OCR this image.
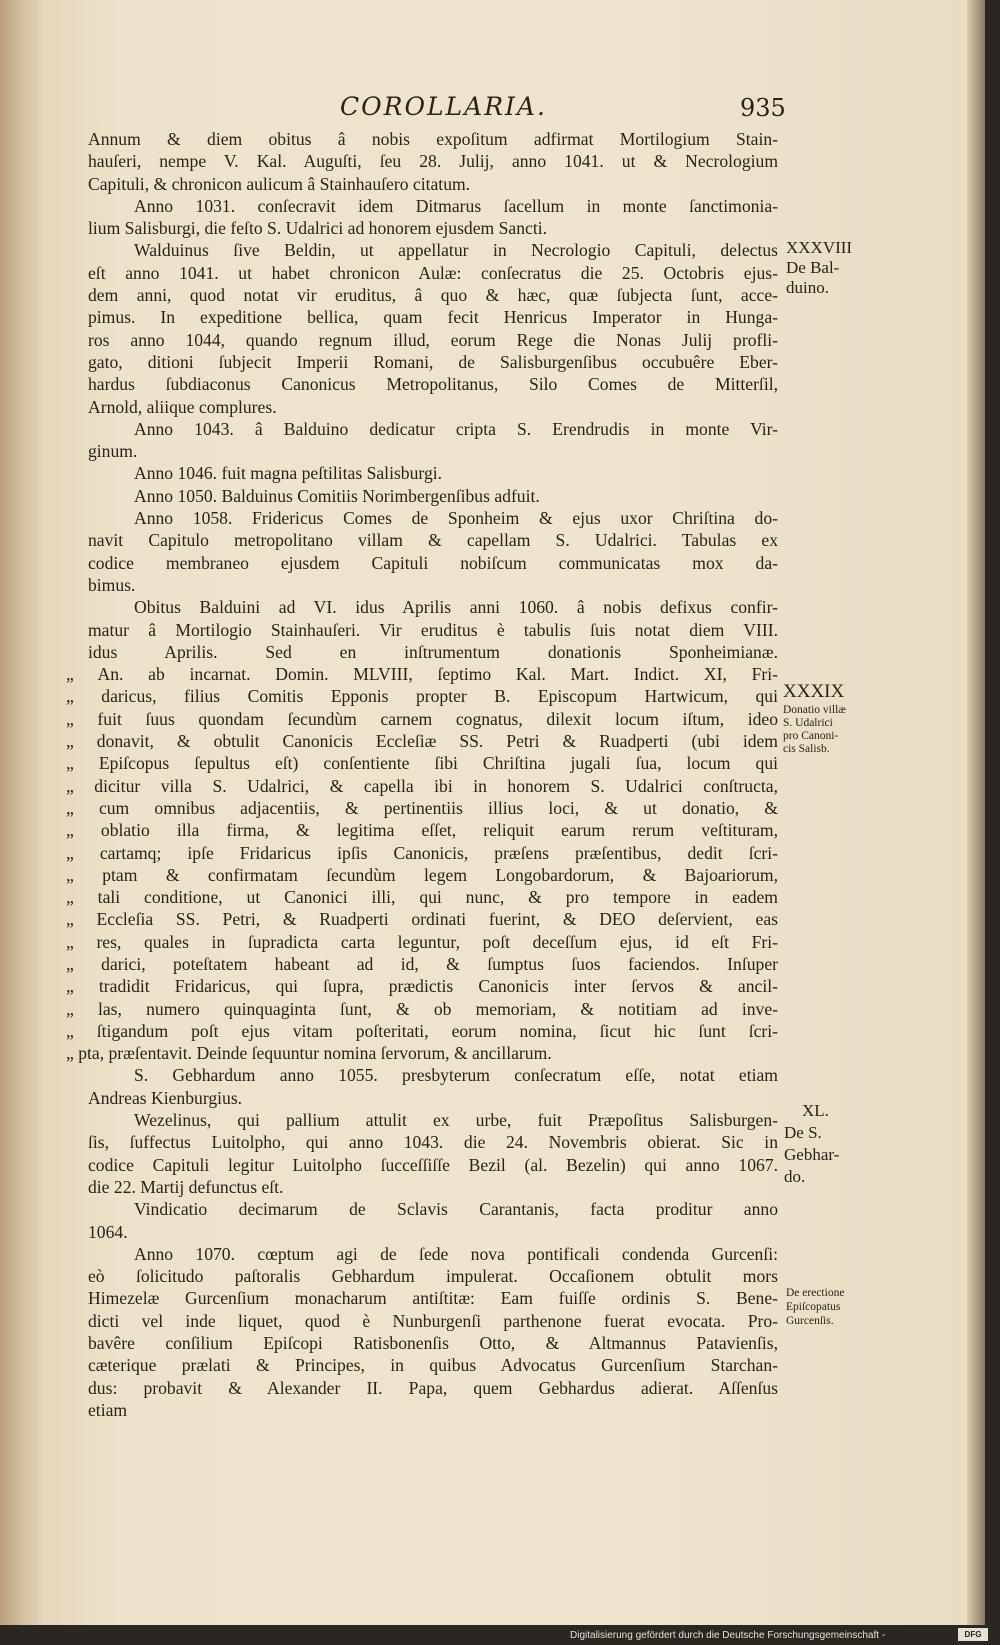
COROLLARIA.	935
Annum & diem obitus â nobis expoſitum adfirmat Mortilogium Stain-
hauſeri, nempe V. Kal. Auguſti, ſeu 28. Julij, anno 1041. ut & Necrologium
Capituli, & chronicon aulicum â Stainhauſero citatum.
Anno 1031. conſecravit idem Ditmarus ſacellum in monte ſanctimonia-
lium Salisburgi, die feſto S. Udalrici ad honorem ejusdem Sancti.
Walduinus ſive Beldin, ut appellatur in Necrologio Capituli, delectus
eſt anno 1041. ut habet chronicon Aulæ: conſecratus die 25. Octobris ejus-
dem anni, quod notat vir eruditus, â quo & hæc, quæ ſubjecta ſunt, acce-
pimus. In expeditione bellica, quam fecit Henricus Imperator in Hunga-
ros anno 1044, quando regnum illud, eorum Rege die Nonas Julij profli-
gato, ditioni ſubjecit Imperii Romani, de Salisburgenſibus occubuêre Eber-
hardus ſubdiaconus Canonicus Metropolitanus, Silo Comes de Mitterſil,
Arnold, aliique complures.
Anno 1043. â Balduino dedicatur cripta S. Erendrudis in monte Vir-
ginum.
Anno 1046. fuit magna peſtilitas Salisburgi.
Anno 1050. Balduinus Comitiis Norimbergenſibus adfuit.
Anno 1058. Fridericus Comes de Sponheim & ejus uxor Chriſtina do-
navit Capitulo metropolitano villam & capellam S. Udalrici. Tabulas ex
codice membraneo ejusdem Capituli nobiſcum communicatas mox da-
bimus.
Obitus Balduini ad VI. idus Aprilis anni 1060. â nobis defixus confir-
matur â Mortilogio Stainhauſeri. Vir eruditus è tabulis ſuis notat diem VIII.
idus Aprilis. Sed en inſtrumentum donationis Sponheimianæ.
„ An. ab incarnat. Domin. MLVIII, ſeptimo Kal. Mart. Indict. XI, Fri-
„ daricus, filius Comitis Epponis propter B. Episcopum Hartwicum, qui
„ fuit ſuus quondam ſecundùm carnem cognatus, dilexit locum iſtum, ideo
„ donavit, & obtulit Canonicis Eccleſiæ SS. Petri & Ruadperti (ubi idem
„ Epiſcopus ſepultus eſt) conſentiente ſibi Chriſtina jugali ſua, locum qui
„ dicitur villa S. Udalrici, & capella ibi in honorem S. Udalrici conſtructa,
„ cum omnibus adjacentiis, & pertinentiis illius loci, & ut donatio, &
„ oblatio illa firma, & legitima eſſet, reliquit earum rerum veſtituram,
„ cartamq; ipſe Fridaricus ipſis Canonicis, præſens præſentibus, dedit ſcri-
„ ptam & confirmatam ſecundùm legem Longobardorum, & Bajoariorum,
„ tali conditione, ut Canonici illi, qui nunc, & pro tempore in eadem
„ Eccleſia SS. Petri, & Ruadperti ordinati fuerint, & DEO deſervient, eas
„ res, quales in ſupradicta carta leguntur, poſt deceſſum ejus, id eſt Fri-
„ darici, poteſtatem habeant ad id, & ſumptus ſuos faciendos. Inſuper
„ tradidit Fridaricus, qui ſupra, prædictis Canonicis inter ſervos & ancil-
„ las, numero quinquaginta ſunt, & ob memoriam, & notitiam ad inve-
„ ſtigandum poſt ejus vitam poſteritati, eorum nomina, ſicut hic ſunt ſcri-
„ pta, præſentavit. Deinde ſequuntur nomina ſervorum, & ancillarum.
S. Gebhardum anno 1055. presbyterum conſecratum eſſe, notat etiam
Andreas Kienburgius.
Wezelinus, qui pallium attulit ex urbe, fuit Præpoſitus Salisburgen-
ſis, ſuffectus Luitolpho, qui anno 1043. die 24. Novembris obierat. Sic in
codice Capituli legitur Luitolpho ſucceſſiſſe Bezil (al. Bezelin) qui anno 1067.
die 22. Martij defunctus eſt.
Vindicatio decimarum de Sclavis Carantanis, facta proditur anno
1064.
Anno 1070. cœptum agi de ſede nova pontificali condenda Gurcenſi:
eò ſolicitudo paſtoralis Gebhardum impulerat. Occaſionem obtulit mors
Himezelæ Gurcenſium monacharum antiſtitæ: Eam fuiſſe ordinis S. Bene-
dicti vel inde liquet, quod è Nunburgenſi parthenone fuerat evocata. Pro-
bavêre conſilium Epiſcopi Ratisbonenſis Otto, & Altmannus Patavienſis,
cæterique prælati & Principes, in quibus Advocatus Gurcenſium Starchan-
dus: probavit & Alexander II. Papa, quem Gebhardus adierat. Aſſenſus
etiam
XXXVIII
De Bal-
duino.
XXXIX
Donatio villæ
S. Udalrici
pro Canoni-
cis Salisb.
XL.
De S.
Gebhar-
do.
De erectione
Epiſcopatus
Gurcenſis.
Digitalisierung gefördert durch die Deutsche Forschungsgemeinschaft -	DFG
